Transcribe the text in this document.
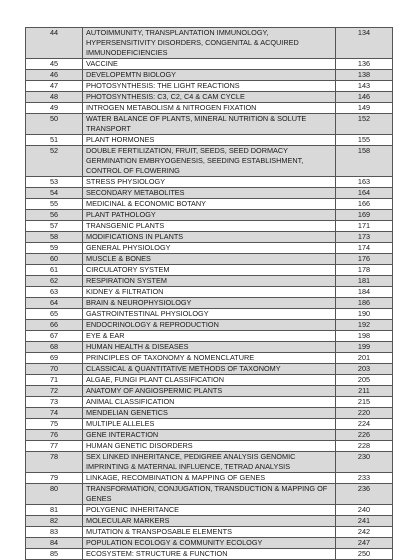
44	AUTOIMMUNITY, TRANSPLANTATION IMMUNOLOGY, HYPERSENSITIVITY DISORDERS, CONGENITAL & ACQUIRED IMMUNODEFICIENCIES	134
45	VACCINE	136
46	DEVELOPEMTN BIOLOGY	138
47	PHOTOSYNTHESIS: THE LIGHT REACTIONS	143
48	PHOTOSYNTHESIS: C3, C2, C4 & CAM CYCLE	146
49	INTROGEN METABOLISM & NITROGEN FIXATION	149
50	WATER BALANCE OF PLANTS, MINERAL NUTRITION & SOLUTE TRANSPORT	152
51	PLANT HORMONES	155
52	DOUBLE FERTILIZATION, FRUIT, SEEDS, SEED DORMACY GERMINATION EMBRYOGENESIS, SEEDING ESTABLISHMENT, CONTROL OF FLOWERING	158
53	STRESS PHYSIOLOGY	163
54	SECONDARY METABOLITES	164
55	MEDICINAL & ECONOMIC BOTANY	166
56	PLANT PATHOLOGY	169
57	TRANSGENIC PLANTS	171
58	MODIFICATIONS IN PLANTS	173
59	GENERAL PHYSIOLOGY	174
60	MUSCLE & BONES	176
61	CIRCULATORY SYSTEM	178
62	RESPIRATION SYSTEM	181
63	KIDNEY & FILTRATION	184
64	BRAIN & NEUROPHYSIOLOGY	186
65	GASTROINTESTINAL PHYSIOLOGY	190
66	ENDOCRINOLOGY & REPRODUCTION	192
67	EYE & EAR	198
68	HUMAN HEALTH & DISEASES	199
69	PRINCIPLES OF TAXONOMY & NOMENCLATURE	201
70	CLASSICAL & QUANTITATIVE METHODS OF TAXONOMY	203
71	ALGAE, FUNGI PLANT CLASSIFICATION	205
72	ANATOMY OF ANGIOSPERMIC PLANTS	211
73	ANIMAL CLASSIFICATION	215
74	MENDELIAN GENETICS	220
75	MULTIPLE ALLELES	224
76	GENE INTERACTION	226
77	HUMAN GENETIC DISORDERS	228
78	SEX LINKED INHERITANCE, PEDIGREE ANALYSIS GENOMIC IMPRINTING & MATERNAL INFLUENCE, TETRAD ANALYSIS	230
79	LINKAGE, RECOMBINATION & MAPPING OF GENES	233
80	TRANSFORMATION, CONJUGATION, TRANSDUCTION & MAPPING OF GENES	236
81	POLYGENIC INHERITANCE	240
82	MOLECULAR MARKERS	241
83	MUTATION & TRANSPOSABLE ELEMENTS	242
84	POPULATION ECOLOGY & COMMUNITY ECOLOGY	247
85	ECOSYSTEM: STRUCTURE & FUNCTION	250
